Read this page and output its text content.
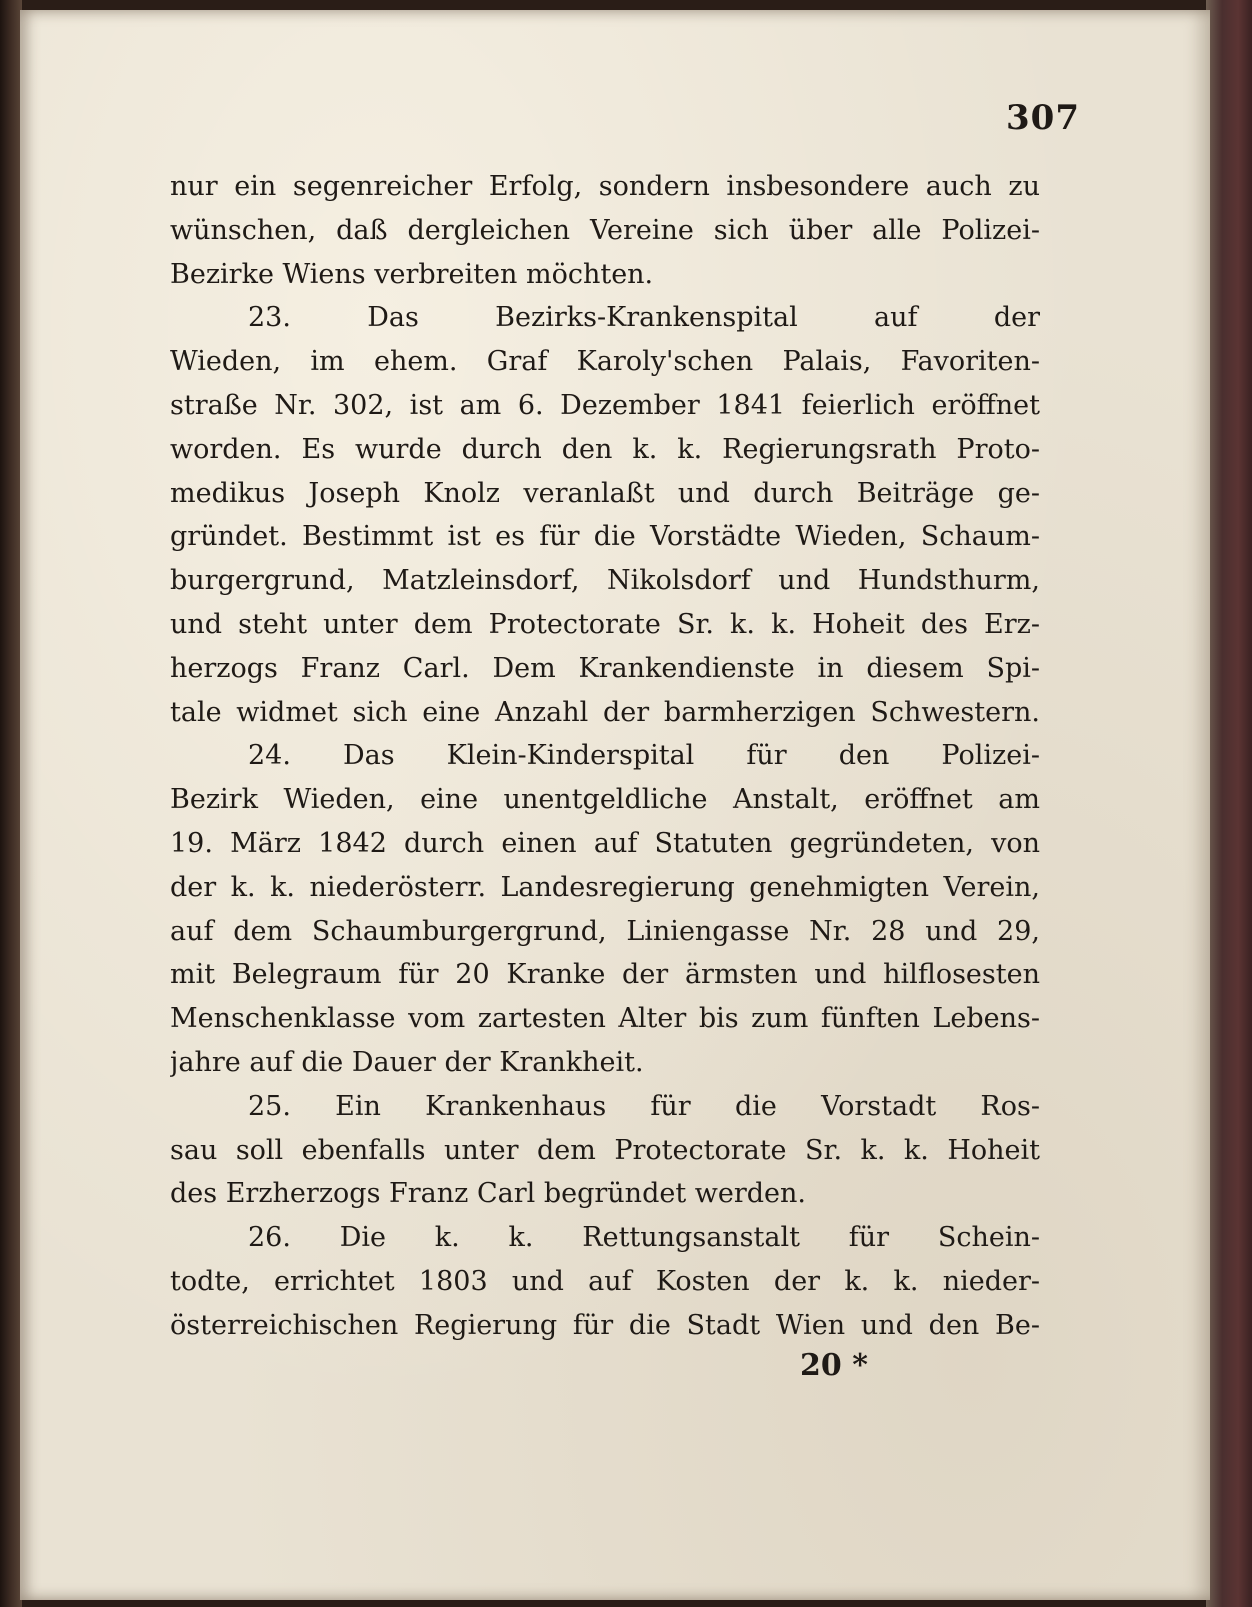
307
nur ein segenreicher Erfolg, sondern insbesondere auch zu
wünschen, daß dergleichen Vereine sich über alle Polizei-
Bezirke Wiens verbreiten möchten.
23. Das Bezirks-Krankenspital auf der
Wieden, im ehem. Graf Karoly'schen Palais, Favoriten-
straße Nr. 302, ist am 6. Dezember 1841 feierlich eröffnet
worden. Es wurde durch den k. k. Regierungsrath Proto-
medikus Joseph Knolz veranlaßt und durch Beiträge ge-
gründet. Bestimmt ist es für die Vorstädte Wieden, Schaum-
burgergrund, Matzleinsdorf, Nikolsdorf und Hundsthurm,
und steht unter dem Protectorate Sr. k. k. Hoheit des Erz-
herzogs Franz Carl. Dem Krankendienste in diesem Spi-
tale widmet sich eine Anzahl der barmherzigen Schwestern.
24. Das Klein-Kinderspital für den Polizei-
Bezirk Wieden, eine unentgeldliche Anstalt, eröffnet am
19. März 1842 durch einen auf Statuten gegründeten, von
der k. k. niederösterr. Landesregierung genehmigten Verein,
auf dem Schaumburgergrund, Liniengasse Nr. 28 und 29,
mit Belegraum für 20 Kranke der ärmsten und hilflosesten
Menschenklasse vom zartesten Alter bis zum fünften Lebens-
jahre auf die Dauer der Krankheit.
25. Ein Krankenhaus für die Vorstadt Ros-
sau soll ebenfalls unter dem Protectorate Sr. k. k. Hoheit
des Erzherzogs Franz Carl begründet werden.
26. Die k. k. Rettungsanstalt für Schein-
todte, errichtet 1803 und auf Kosten der k. k. nieder-
österreichischen Regierung für die Stadt Wien und den Be-
20 *
